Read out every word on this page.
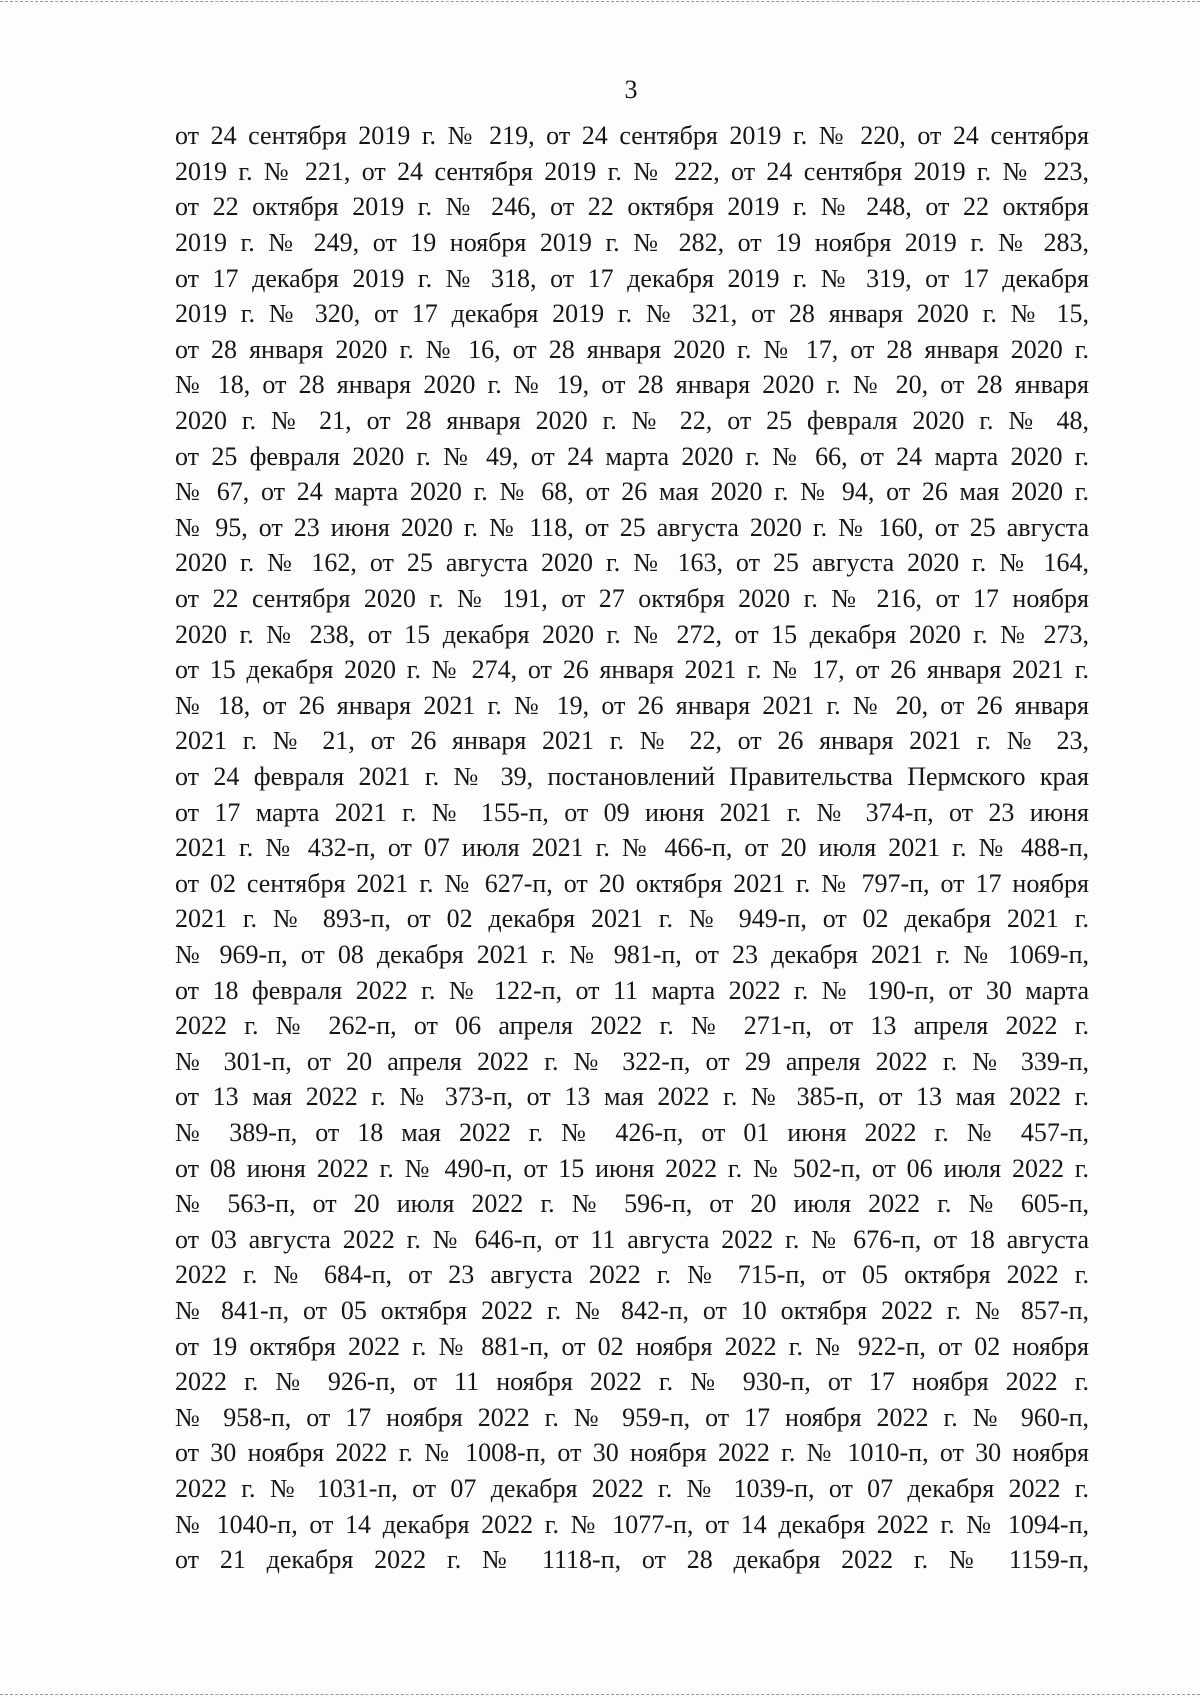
3
от 24 сентября 2019 г. № 219, от 24 сентября 2019 г. № 220, от 24 сентября
2019 г. № 221, от 24 сентября 2019 г. № 222, от 24 сентября 2019 г. № 223,
от 22 октября 2019 г. № 246, от 22 октября 2019 г. № 248, от 22 октября
2019 г. № 249, от 19 ноября 2019 г. № 282, от 19 ноября 2019 г. № 283,
от 17 декабря 2019 г. № 318, от 17 декабря 2019 г. № 319, от 17 декабря
2019 г. № 320, от 17 декабря 2019 г. № 321, от 28 января 2020 г. № 15,
от 28 января 2020 г. № 16, от 28 января 2020 г. № 17, от 28 января 2020 г.
№ 18, от 28 января 2020 г. № 19, от 28 января 2020 г. № 20, от 28 января
2020 г. № 21, от 28 января 2020 г. № 22, от 25 февраля 2020 г. № 48,
от 25 февраля 2020 г. № 49, от 24 марта 2020 г. № 66, от 24 марта 2020 г.
№ 67, от 24 марта 2020 г. № 68, от 26 мая 2020 г. № 94, от 26 мая 2020 г.
№ 95, от 23 июня 2020 г. № 118, от 25 августа 2020 г. № 160, от 25 августа
2020 г. № 162, от 25 августа 2020 г. № 163, от 25 августа 2020 г. № 164,
от 22 сентября 2020 г. № 191, от 27 октября 2020 г. № 216, от 17 ноября
2020 г. № 238, от 15 декабря 2020 г. № 272, от 15 декабря 2020 г. № 273,
от 15 декабря 2020 г. № 274, от 26 января 2021 г. № 17, от 26 января 2021 г.
№ 18, от 26 января 2021 г. № 19, от 26 января 2021 г. № 20, от 26 января
2021 г. № 21, от 26 января 2021 г. № 22, от 26 января 2021 г. № 23,
от 24 февраля 2021 г. № 39, постановлений Правительства Пермского края
от 17 марта 2021 г. № 155-п, от 09 июня 2021 г. № 374-п, от 23 июня
2021 г. № 432-п, от 07 июля 2021 г. № 466-п, от 20 июля 2021 г. № 488-п,
от 02 сентября 2021 г. № 627-п, от 20 октября 2021 г. № 797-п, от 17 ноября
2021 г. № 893-п, от 02 декабря 2021 г. № 949-п, от 02 декабря 2021 г.
№ 969-п, от 08 декабря 2021 г. № 981-п, от 23 декабря 2021 г. № 1069-п,
от 18 февраля 2022 г. № 122-п, от 11 марта 2022 г. № 190-п, от 30 марта
2022 г. № 262-п, от 06 апреля 2022 г. № 271-п, от 13 апреля 2022 г.
№ 301-п, от 20 апреля 2022 г. № 322-п, от 29 апреля 2022 г. № 339-п,
от 13 мая 2022 г. № 373-п, от 13 мая 2022 г. № 385-п, от 13 мая 2022 г.
№ 389-п, от 18 мая 2022 г. № 426-п, от 01 июня 2022 г. № 457-п,
от 08 июня 2022 г. № 490-п, от 15 июня 2022 г. № 502-п, от 06 июля 2022 г.
№ 563-п, от 20 июля 2022 г. № 596-п, от 20 июля 2022 г. № 605-п,
от 03 августа 2022 г. № 646-п, от 11 августа 2022 г. № 676-п, от 18 августа
2022 г. № 684-п, от 23 августа 2022 г. № 715-п, от 05 октября 2022 г.
№ 841-п, от 05 октября 2022 г. № 842-п, от 10 октября 2022 г. № 857-п,
от 19 октября 2022 г. № 881-п, от 02 ноября 2022 г. № 922-п, от 02 ноября
2022 г. № 926-п, от 11 ноября 2022 г. № 930-п, от 17 ноября 2022 г.
№ 958-п, от 17 ноября 2022 г. № 959-п, от 17 ноября 2022 г. № 960-п,
от 30 ноября 2022 г. № 1008-п, от 30 ноября 2022 г. № 1010-п, от 30 ноября
2022 г. № 1031-п, от 07 декабря 2022 г. № 1039-п, от 07 декабря 2022 г.
№ 1040-п, от 14 декабря 2022 г. № 1077-п, от 14 декабря 2022 г. № 1094-п,
от 21 декабря 2022 г. № 1118-п, от 28 декабря 2022 г. № 1159-п,
